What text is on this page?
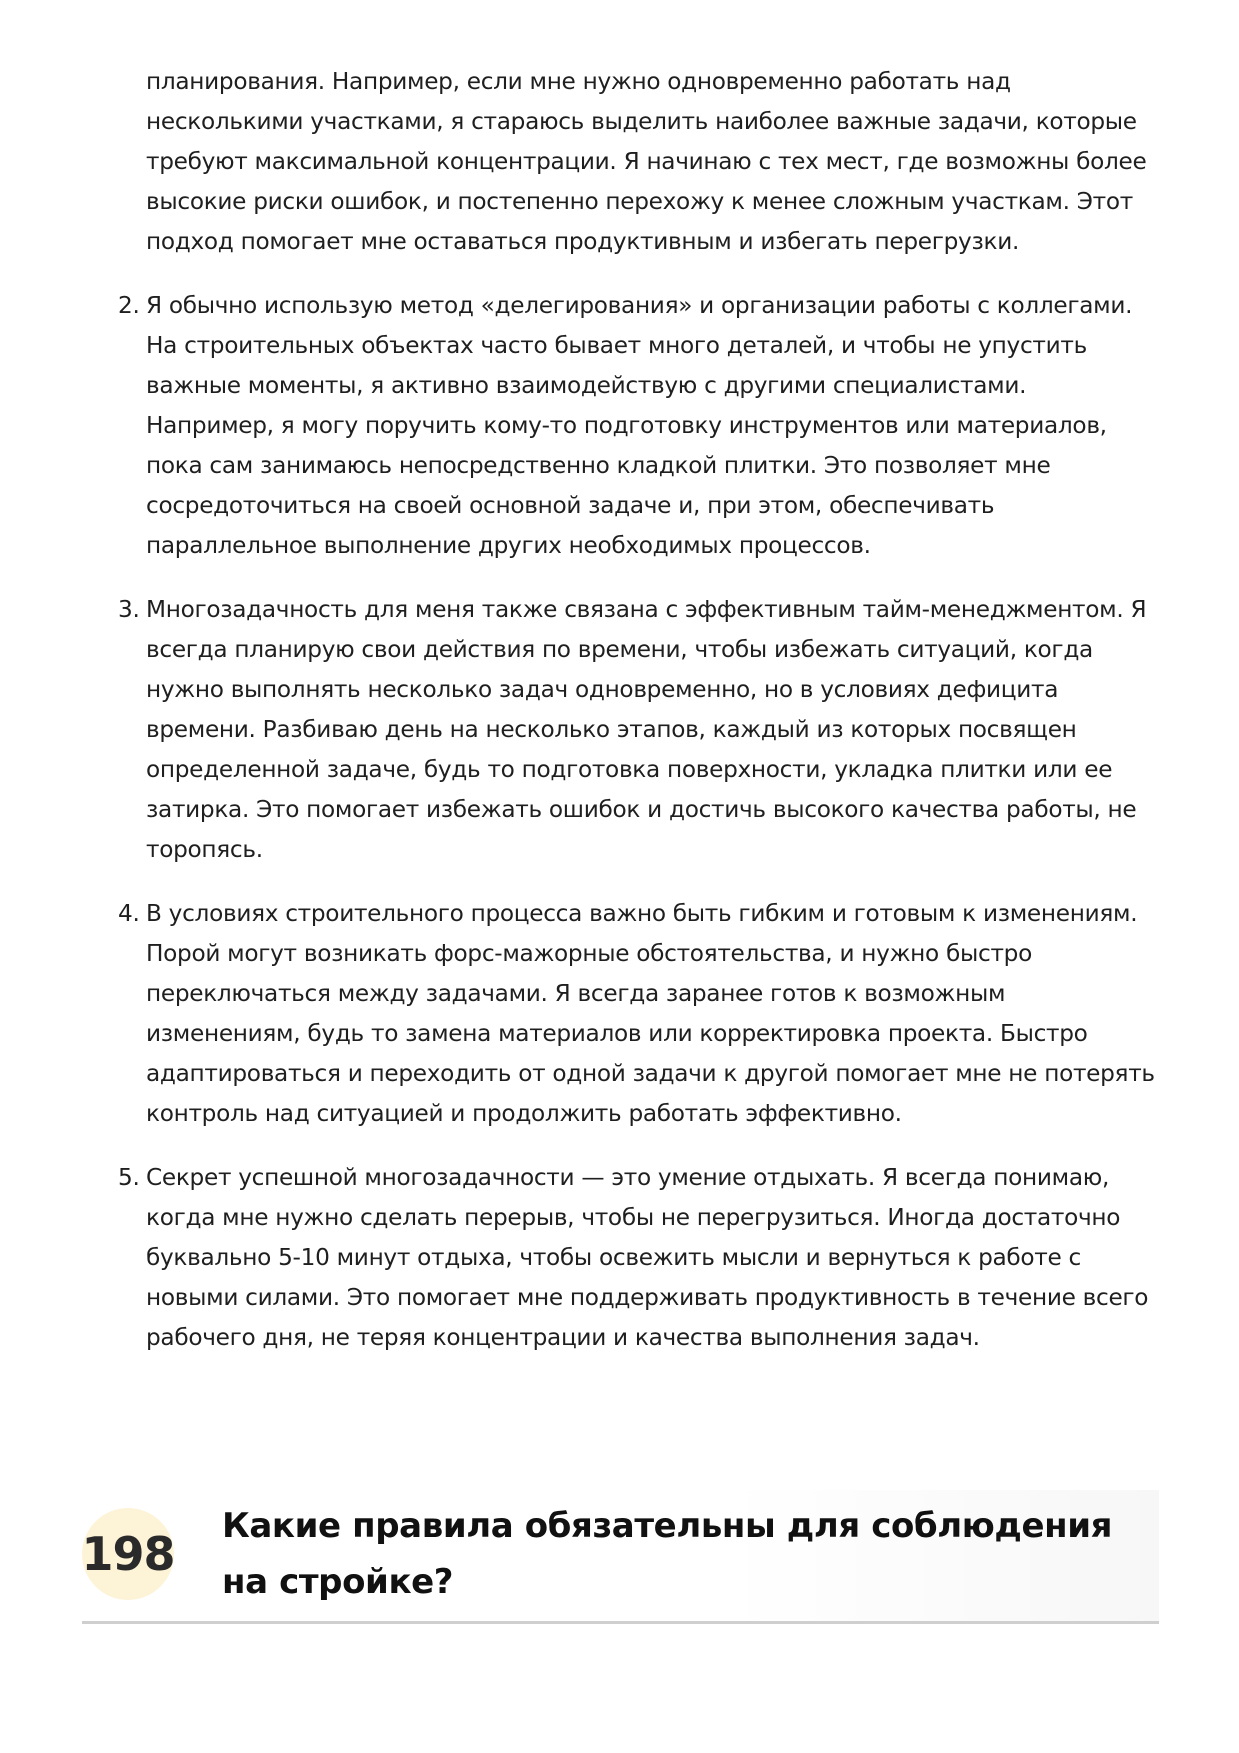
планирования. Например, если мне нужно одновременно работать над несколькими участками, я стараюсь выделить наиболее важные задачи, которые требуют максимальной концентрации. Я начинаю с тех мест, где возможны более высокие риски ошибок, и постепенно перехожу к менее сложным участкам. Этот подход помогает мне оставаться продуктивным и избегать перегрузки.

2. Я обычно использую метод «делегирования» и организации работы с коллегами. На строительных объектах часто бывает много деталей, и чтобы не упустить важные моменты, я активно взаимодействую с другими специалистами. Например, я могу поручить кому-то подготовку инструментов или материалов, пока сам занимаюсь непосредственно кладкой плитки. Это позволяет мне сосредоточиться на своей основной задаче и, при этом, обеспечивать параллельное выполнение других необходимых процессов.
3. Многозадачность для меня также связана с эффективным тайм-менеджментом. Я всегда планирую свои действия по времени, чтобы избежать ситуаций, когда нужно выполнять несколько задач одновременно, но в условиях дефицита времени. Разбиваю день на несколько этапов, каждый из которых посвящен определенной задаче, будь то подготовка поверхности, укладка плитки или ее затирка. Это помогает избежать ошибок и достичь высокого качества работы, не торопясь.
4. В условиях строительного процесса важно быть гибким и готовым к изменениям. Порой могут возникать форс-мажорные обстоятельства, и нужно быстро переключаться между задачами. Я всегда заранее готов к возможным изменениям, будь то замена материалов или корректировка проекта. Быстро адаптироваться и переходить от одной задачи к другой помогает мне не потерять контроль над ситуацией и продолжить работать эффективно.
5. Секрет успешной многозадачности — это умение отдыхать. Я всегда понимаю, когда мне нужно сделать перерыв, чтобы не перегрузиться. Иногда достаточно буквально 5-10 минут отдыха, чтобы освежить мысли и вернуться к работе с новыми силами. Это помогает мне поддерживать продуктивность в течение всего рабочего дня, не теряя концентрации и качества выполнения задач.
198
Какие правила обязательны для соблюдения на стройке?
